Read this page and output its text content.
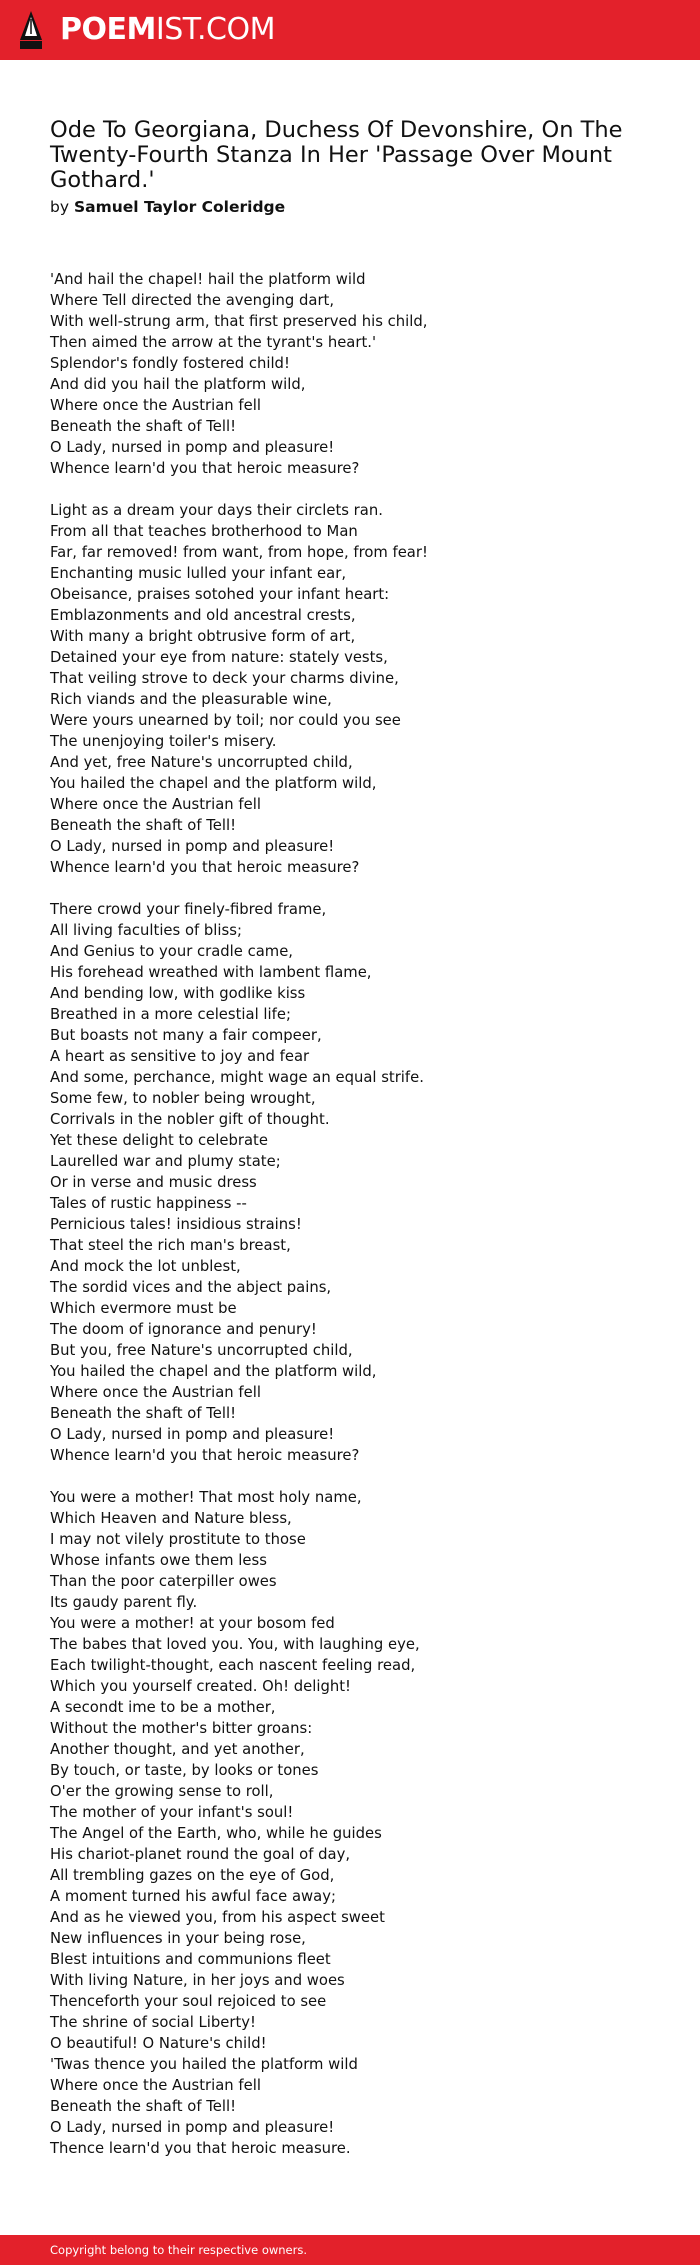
POEMIST.COM
Ode To Georgiana, Duchess Of Devonshire, On The Twenty-Fourth Stanza In Her 'Passage Over Mount Gothard.'
by Samuel Taylor Coleridge
'And hail the chapel! hail the platform wild
Where Tell directed the avenging dart,
With well-strung arm, that first preserved his child,
Then aimed the arrow at the tyrant's heart.'
Splendor's fondly fostered child!
And did you hail the platform wild,
Where once the Austrian fell
Beneath the shaft of Tell!
O Lady, nursed in pomp and pleasure!
Whence learn'd you that heroic measure?
Light as a dream your days their circlets ran.
From all that teaches brotherhood to Man
Far, far removed! from want, from hope, from fear!
Enchanting music lulled your infant ear,
Obeisance, praises sotohed your infant heart:
Emblazonments and old ancestral crests,
With many a bright obtrusive form of art,
Detained your eye from nature: stately vests,
That veiling strove to deck your charms divine,
Rich viands and the pleasurable wine,
Were yours unearned by toil; nor could you see
The unenjoying toiler's misery.
And yet, free Nature's uncorrupted child,
You hailed the chapel and the platform wild,
Where once the Austrian fell
Beneath the shaft of Tell!
O Lady, nursed in pomp and pleasure!
Whence learn'd you that heroic measure?
There crowd your finely-fibred frame,
All living faculties of bliss;
And Genius to your cradle came,
His forehead wreathed with lambent flame,
And bending low, with godlike kiss
Breathed in a more celestial life;
But boasts not many a fair compeer,
A heart as sensitive to joy and fear
And some, perchance, might wage an equal strife.
Some few, to nobler being wrought,
Corrivals in the nobler gift of thought.
Yet these delight to celebrate
Laurelled war and plumy state;
Or in verse and music dress
Tales of rustic happiness --
Pernicious tales! insidious strains!
That steel the rich man's breast,
And mock the lot unblest,
The sordid vices and the abject pains,
Which evermore must be
The doom of ignorance and penury!
But you, free Nature's uncorrupted child,
You hailed the chapel and the platform wild,
Where once the Austrian fell
Beneath the shaft of Tell!
O Lady, nursed in pomp and pleasure!
Whence learn'd you that heroic measure?
You were a mother! That most holy name,
Which Heaven and Nature bless,
I may not vilely prostitute to those
Whose infants owe them less
Than the poor caterpiller owes
Its gaudy parent fly.
You were a mother! at your bosom fed
The babes that loved you. You, with laughing eye,
Each twilight-thought, each nascent feeling read,
Which you yourself created. Oh! delight!
A secondt ime to be a mother,
Without the mother's bitter groans:
Another thought, and yet another,
By touch, or taste, by looks or tones
O'er the growing sense to roll,
The mother of your infant's soul!
The Angel of the Earth, who, while he guides
His chariot-planet round the goal of day,
All trembling gazes on the eye of God,
A moment turned his awful face away;
And as he viewed you, from his aspect sweet
New influences in your being rose,
Blest intuitions and communions fleet
With living Nature, in her joys and woes
Thenceforth your soul rejoiced to see
The shrine of social Liberty!
O beautiful! O Nature's child!
'Twas thence you hailed the platform wild
Where once the Austrian fell
Beneath the shaft of Tell!
O Lady, nursed in pomp and pleasure!
Thence learn'd you that heroic measure.
Copyright belong to their respective owners.
